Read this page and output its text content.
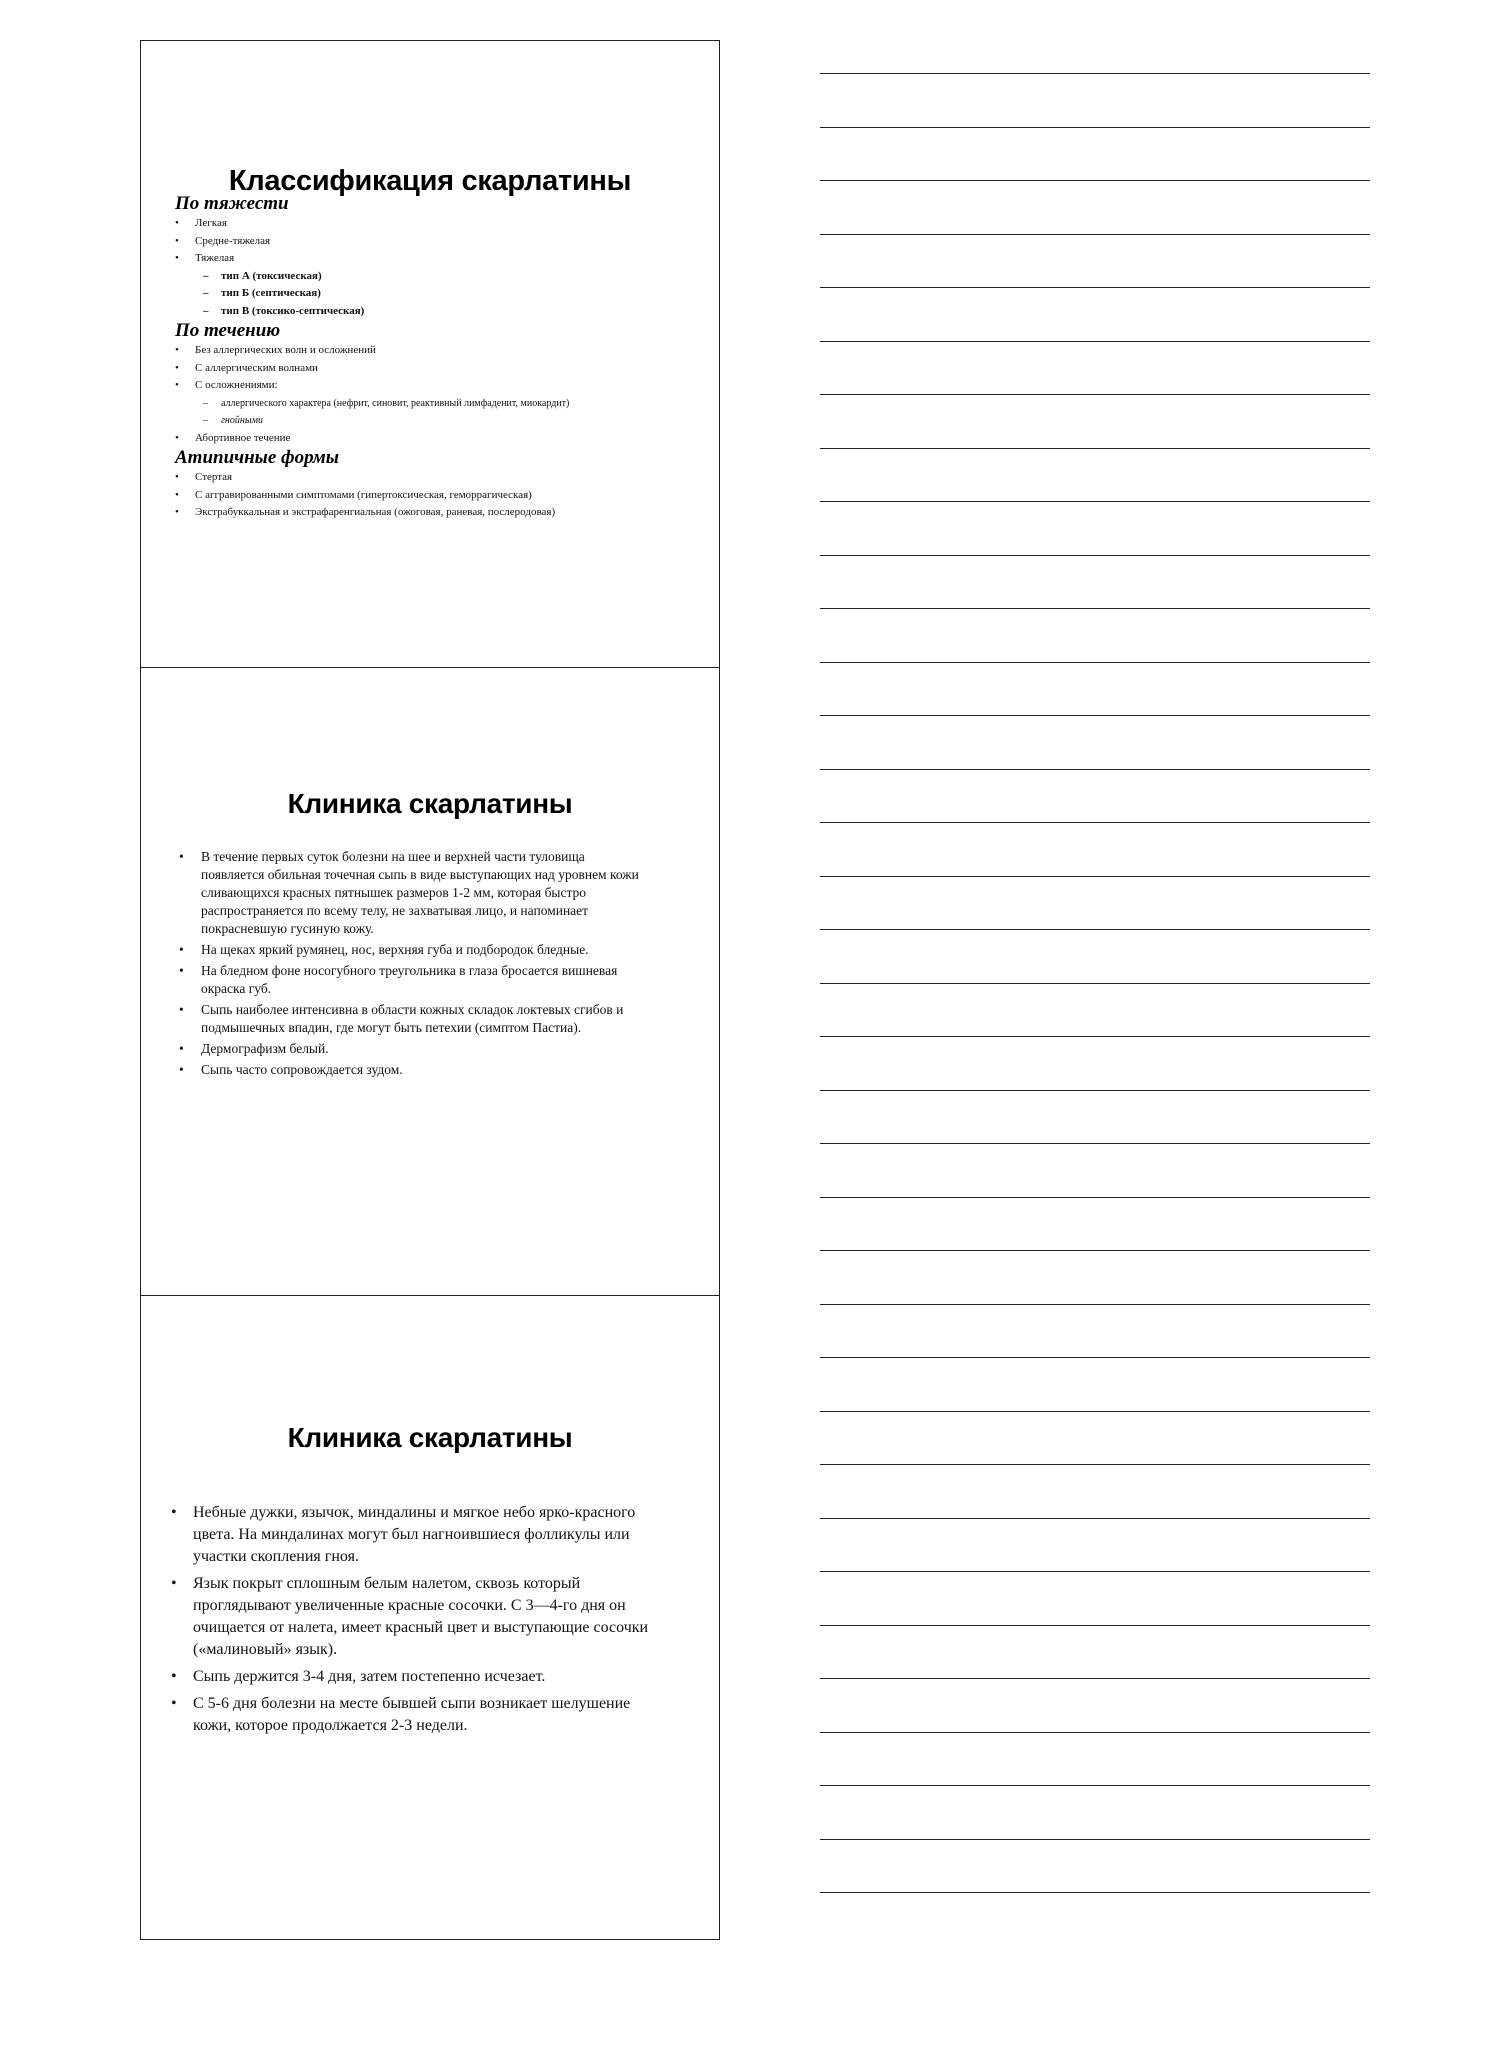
Классификация скарлатины
По тяжести
• Легкая
• Средне-тяжелая
• Тяжелая
– тип А (токсическая)
– тип Б (септическая)
– тип В (токсико-септическая)
По течению
• Без аллергических волн и осложнений
• С аллергическим волнами
• С осложнениями:
– аллергического характера (нефрит, синовит, реактивный лимфаденит, миокардит)
– гнойными
• Абортивное течение
Атипичные формы
• Стертая
• С аггравированными симптомами (гипертоксическая, геморрагическая)
• Экстрабуккальная и экстрафарeнгиальная (ожоговая, раневая, послеродовая)
Клиника скарлатины
• В течение первых суток болезни на шее и верхней части туловища появляется обильная точечная сыпь в виде выступающих над уровнем кожи сливающихся красных пятнышек размеров 1-2 мм, которая быстро распространяется по всему телу, не захватывая лицо, и напоминает покрасневшую гусиную кожу.
• На щеках яркий румянец, нос, верхняя губа и подбородок бледные.
• На бледном фоне носогубного треугольника в глаза бросается вишневая окраска губ.
• Сыпь наиболее интенсивна в области кожных складок локтевых сгибов и подмышечных впадин, где могут быть петехии (симптом Пастиа).
• Дермографизм белый.
• Сыпь часто сопровождается зудом.
Клиника скарлатины
• Небные дужки, язычок, миндалины и мягкое небо ярко-красного цвета. На миндалинах могут был нагноившиеся фолликулы или участки скопления гноя.
• Язык покрыт сплошным белым налетом, сквозь который проглядывают увеличенные красные сосочки. С 3—4-го дня он очищается от налета, имеет красный цвет и выступающие сосочки («малиновый» язык).
• Сыпь держится 3-4 дня, затем постепенно исчезает.
• С 5-6 дня болезни на месте бывшей сыпи возникает шелушение кожи, которое продолжается 2-3 недели.
